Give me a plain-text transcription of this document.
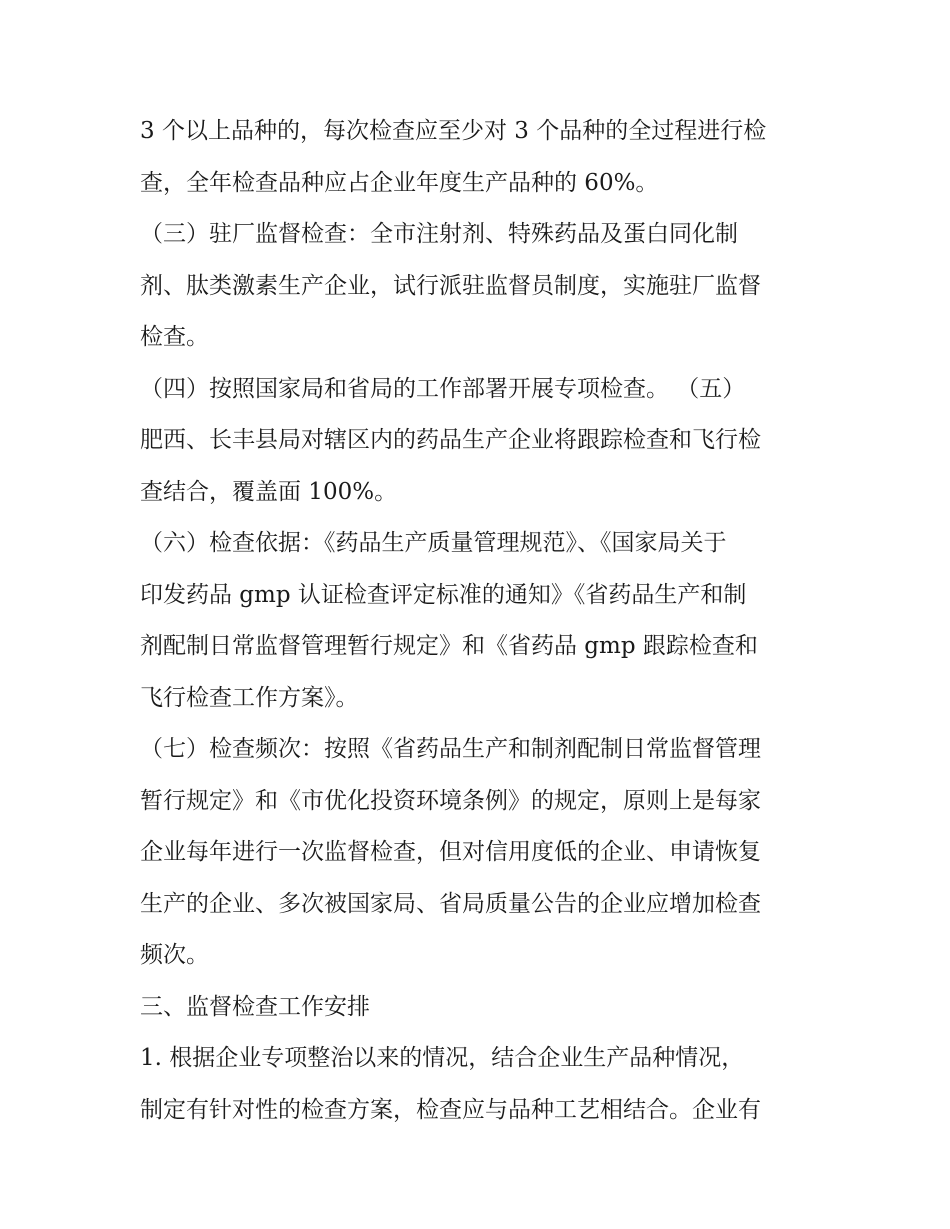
3 个以上品种的，每次检查应至少对 3 个品种的全过程进行检
查，全年检查品种应占企业年度生产品种的 60%。
（三）驻厂监督检查：全市注射剂、特殊药品及蛋白同化制
剂、肽类激素生产企业，试行派驻监督员制度，实施驻厂监督
检查。
（四）按照国家局和省局的工作部署开展专项检查。 （五）
肥西、长丰县局对辖区内的药品生产企业将跟踪检查和飞行检
查结合，覆盖面 100%。
（六）检查依据：《药品生产质量管理规范》、《国家局关于
印发药品 gmp 认证检查评定标准的通知》《省药品生产和制
剂配制日常监督管理暂行规定》和《省药品 gmp 跟踪检查和
飞行检查工作方案》。
（七）检查频次：按照《省药品生产和制剂配制日常监督管理
暂行规定》和《市优化投资环境条例》的规定，原则上是每家
企业每年进行一次监督检查，但对信用度低的企业、申请恢复
生产的企业、多次被国家局、省局质量公告的企业应增加检查
频次。
三、监督检查工作安排
1. 根据企业专项整治以来的情况，结合企业生产品种情况，
制定有针对性的检查方案，检查应与品种工艺相结合。企业有
